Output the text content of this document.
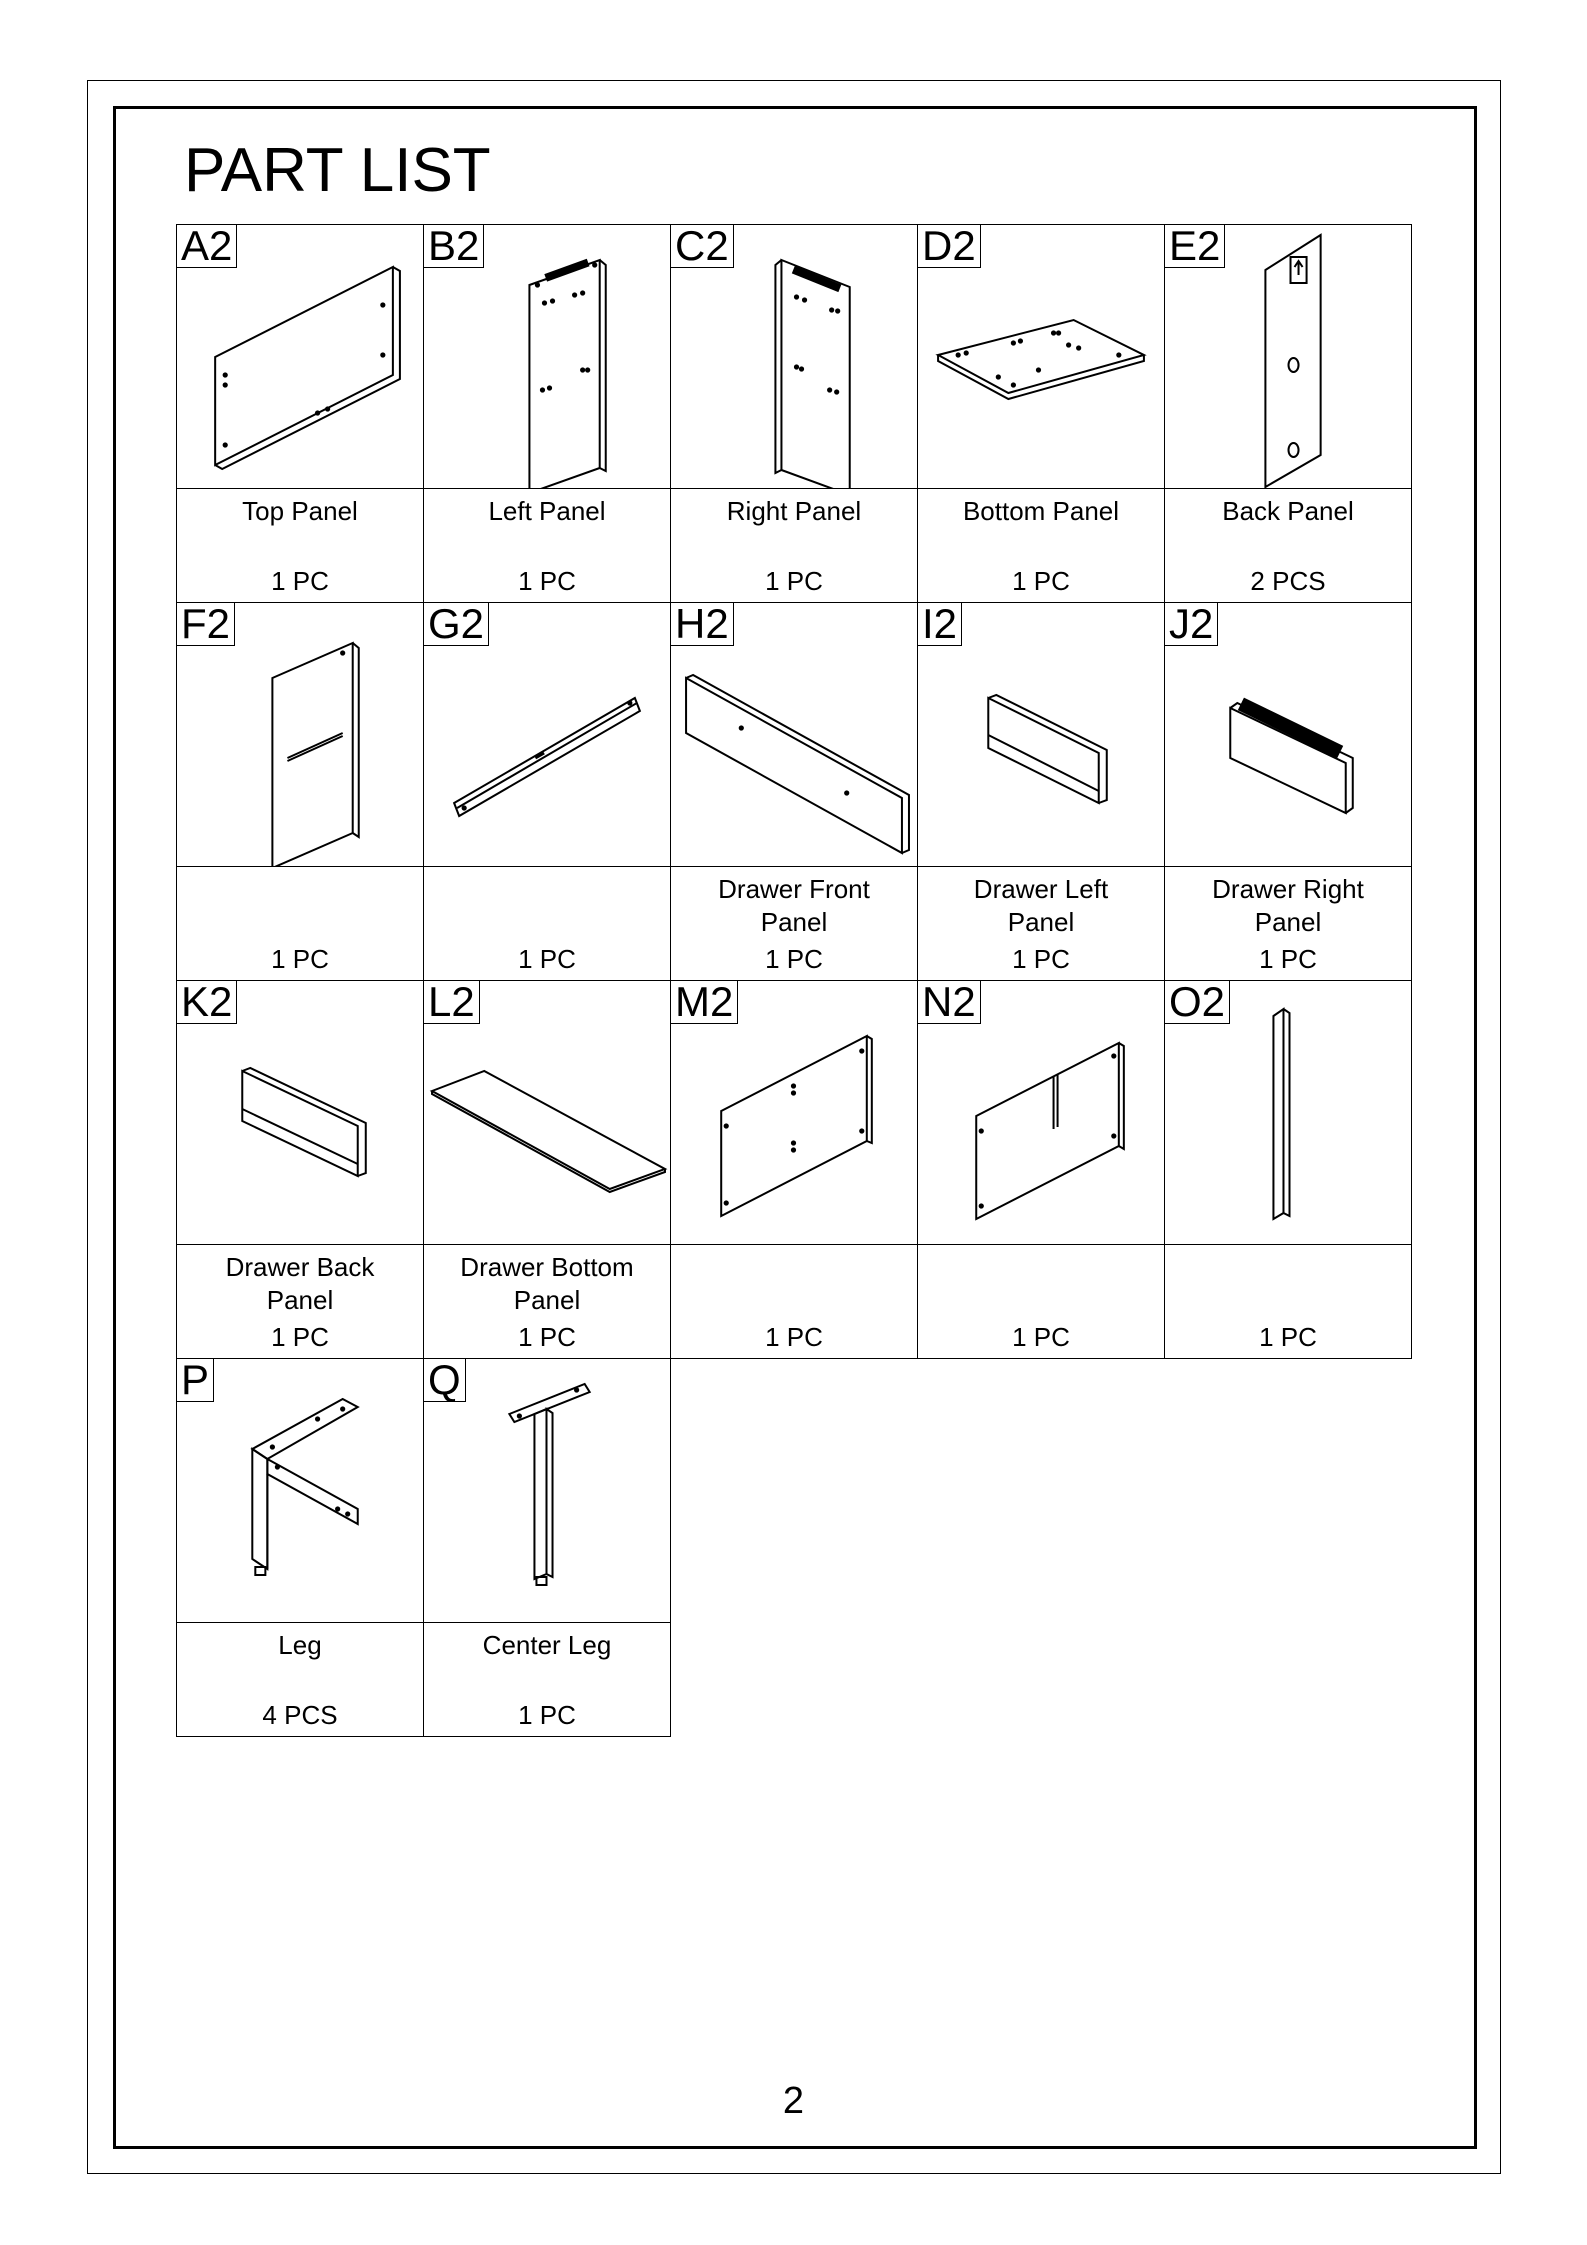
PART LIST
A2
Top Panel
1 PC
B2
Left Panel
1 PC
C2
Right Panel
1 PC
D2
Bottom Panel
1 PC
E2
Back Panel
2 PCS
F2
1 PC
G2
1 PC
H2
Drawer Front
Panel
1 PC
I2
Drawer Left
Panel
1 PC
J2
Drawer Right
Panel
1 PC
K2
Drawer Back
Panel
1 PC
L2
Drawer Bottom
Panel
1 PC
M2
1 PC
N2
1 PC
O2
1 PC
P
Leg
4 PCS
Q
Center Leg
1 PC
2
